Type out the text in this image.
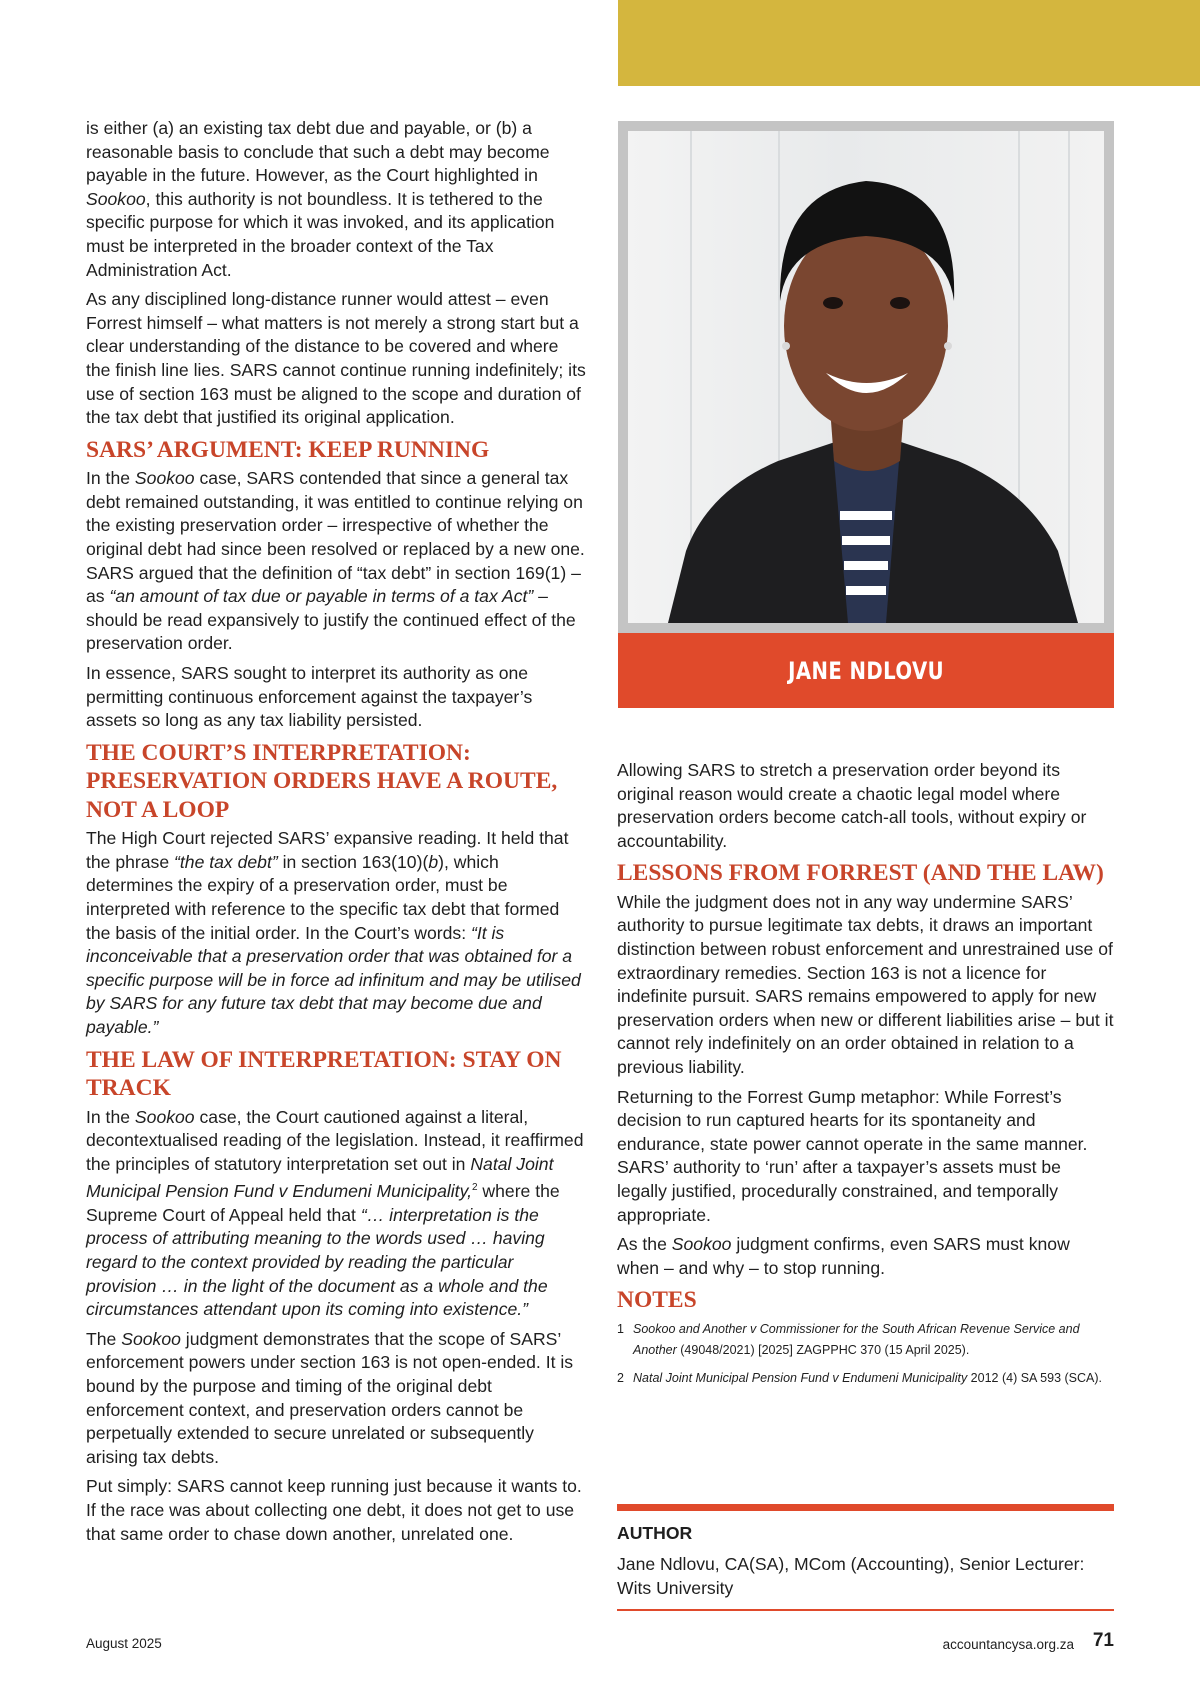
is either (a) an existing tax debt due and payable, or (b) a reasonable basis to conclude that such a debt may become payable in the future. However, as the Court highlighted in Sookoo, this authority is not boundless. It is tethered to the specific purpose for which it was invoked, and its application must be interpreted in the broader context of the Tax Administration Act.

As any disciplined long-distance runner would attest – even Forrest himself – what matters is not merely a strong start but a clear understanding of the distance to be covered and where the finish line lies. SARS cannot continue running indefinitely; its use of section 163 must be aligned to the scope and duration of the tax debt that justified its original application.

SARS’ ARGUMENT: KEEP RUNNING

In the Sookoo case, SARS contended that since a general tax debt remained outstanding, it was entitled to continue relying on the existing preservation order – irrespective of whether the original debt had since been resolved or replaced by a new one. SARS argued that the definition of “tax debt” in section 169(1) – as “an amount of tax due or payable in terms of a tax Act” – should be read expansively to justify the continued effect of the preservation order.

In essence, SARS sought to interpret its authority as one permitting continuous enforcement against the taxpayer’s assets so long as any tax liability persisted.

THE COURT’S INTERPRETATION: PRESERVATION ORDERS HAVE A ROUTE, NOT A LOOP

The High Court rejected SARS’ expansive reading. It held that the phrase “the tax debt” in section 163(10)(b), which determines the expiry of a preservation order, must be interpreted with reference to the specific tax debt that formed the basis of the initial order. In the Court’s words: “It is inconceivable that a preservation order that was obtained for a specific purpose will be in force ad infinitum and may be utilised by SARS for any future tax debt that may become due and payable.”

THE LAW OF INTERPRETATION: STAY ON TRACK

In the Sookoo case, the Court cautioned against a literal, decontextualised reading of the legislation. Instead, it reaffirmed the principles of statutory interpretation set out in Natal Joint Municipal Pension Fund v Endumeni Municipality,$^2$ where the Supreme Court of Appeal held that “… interpretation is the process of attributing meaning to the words used … having regard to the context provided by reading the particular provision … in the light of the document as a whole and the circumstances attendant upon its coming into existence.”

The Sookoo judgment demonstrates that the scope of SARS’ enforcement powers under section 163 is not open-ended. It is bound by the purpose and timing of the original debt enforcement context, and preservation orders cannot be perpetually extended to secure unrelated or subsequently arising tax debts.

Put simply: SARS cannot keep running just because it wants to. If the race was about collecting one debt, it does not get to use that same order to chase down another, unrelated one.

JANE NDLOVU

Allowing SARS to stretch a preservation order beyond its original reason would create a chaotic legal model where preservation orders become catch-all tools, without expiry or accountability.

LESSONS FROM FORREST (AND THE LAW)

While the judgment does not in any way undermine SARS’ authority to pursue legitimate tax debts, it draws an important distinction between robust enforcement and unrestrained use of extraordinary remedies. Section 163 is not a licence for indefinite pursuit. SARS remains empowered to apply for new preservation orders when new or different liabilities arise – but it cannot rely indefinitely on an order obtained in relation to a previous liability.

Returning to the Forrest Gump metaphor: While Forrest’s decision to run captured hearts for its spontaneity and endurance, state power cannot operate in the same manner. SARS’ authority to ‘run’ after a taxpayer’s assets must be legally justified, procedurally constrained, and temporally appropriate.

As the Sookoo judgment confirms, even SARS must know when – and why – to stop running.

NOTES
1 Sookoo and Another v Commissioner for the South African Revenue Service and Another (49048/2021) [2025] ZAGPPHC 370 (15 April 2025).
2 Natal Joint Municipal Pension Fund v Endumeni Municipality 2012 (4) SA 593 (SCA).
AUTHOR
Jane Ndlovu, CA(SA), MCom (Accounting), Senior Lecturer: Wits University
August 2025	accountancysa.org.za 71
